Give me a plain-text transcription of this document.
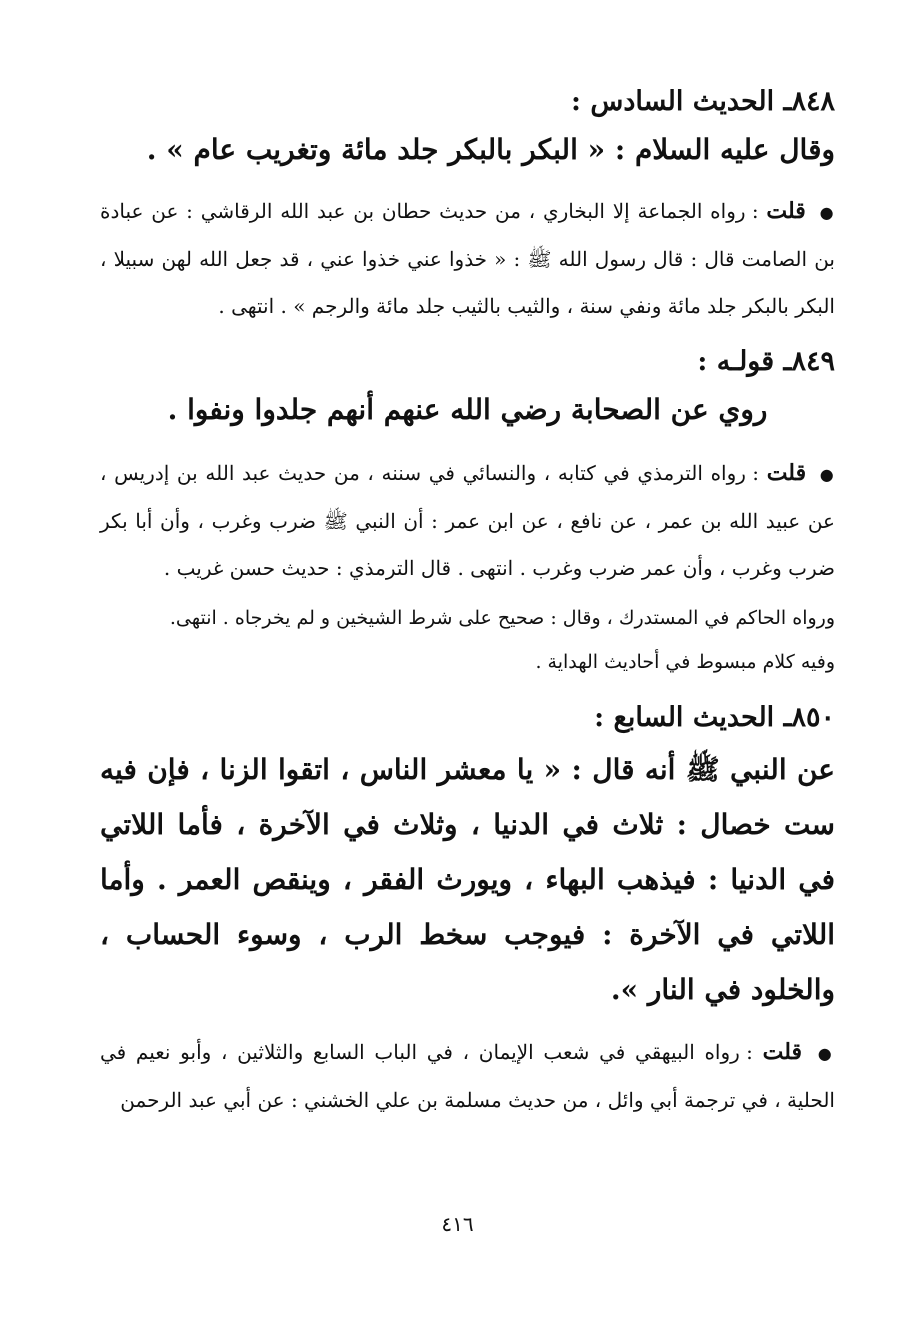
٨٤٨ـ الحديث السادس :

وقال عليه السلام : « البكر بالبكر جلد مائة وتغريب عام » .

● قلت : رواه الجماعة إلا البخاري ، من حديث حطان بن عبد الله الرقاشي : عن عبادة بن الصامت قال : قال رسول الله ﷺ : « خذوا عني خذوا عني ، قد جعل الله لهن سبيلا ، البكر بالبكر جلد مائة ونفي سنة ، والثيب بالثيب جلد مائة والرجم » . انتهى .

٨٤٩ـ قولـه :

روي عن الصحابة رضي الله عنهم أنهم جلدوا ونفوا .

● قلت : رواه الترمذي في كتابه ، والنسائي في سننه ، من حديث عبد الله بن إدريس ، عن عبيد الله بن عمر ، عن نافع ، عن ابن عمر : أن النبي ﷺ ضرب وغرب ، وأن أبا بكر ضرب وغرب ، وأن عمر ضرب وغرب . انتهى . قال الترمذي : حديث حسن غريب .

ورواه الحاكم في المستدرك ، وقال : صحيح على شرط الشيخين و لم يخرجاه . انتهى.

وفيه كلام مبسوط في أحاديث الهداية .

٨٥٠ـ الحديث السابع :

عن النبي ﷺ أنه قال : « يا معشر الناس ، اتقوا الزنا ، فإن فيه ست خصال : ثلاث في الدنيا ، وثلاث في الآخرة ، فأما اللاتي في الدنيا : فيذهب البهاء ، ويورث الفقر ، وينقص العمر . وأما اللاتي في الآخرة : فيوجب سخط الرب ، وسوء الحساب ، والخلود في النار ».

● قلت : رواه البيهقي في شعب الإيمان ، في الباب السابع والثلاثين ، وأبو نعيم في الحلية ، في ترجمة أبي وائل ، من حديث مسلمة بن علي الخشني : عن أبي عبد الرحمن

٤١٦
